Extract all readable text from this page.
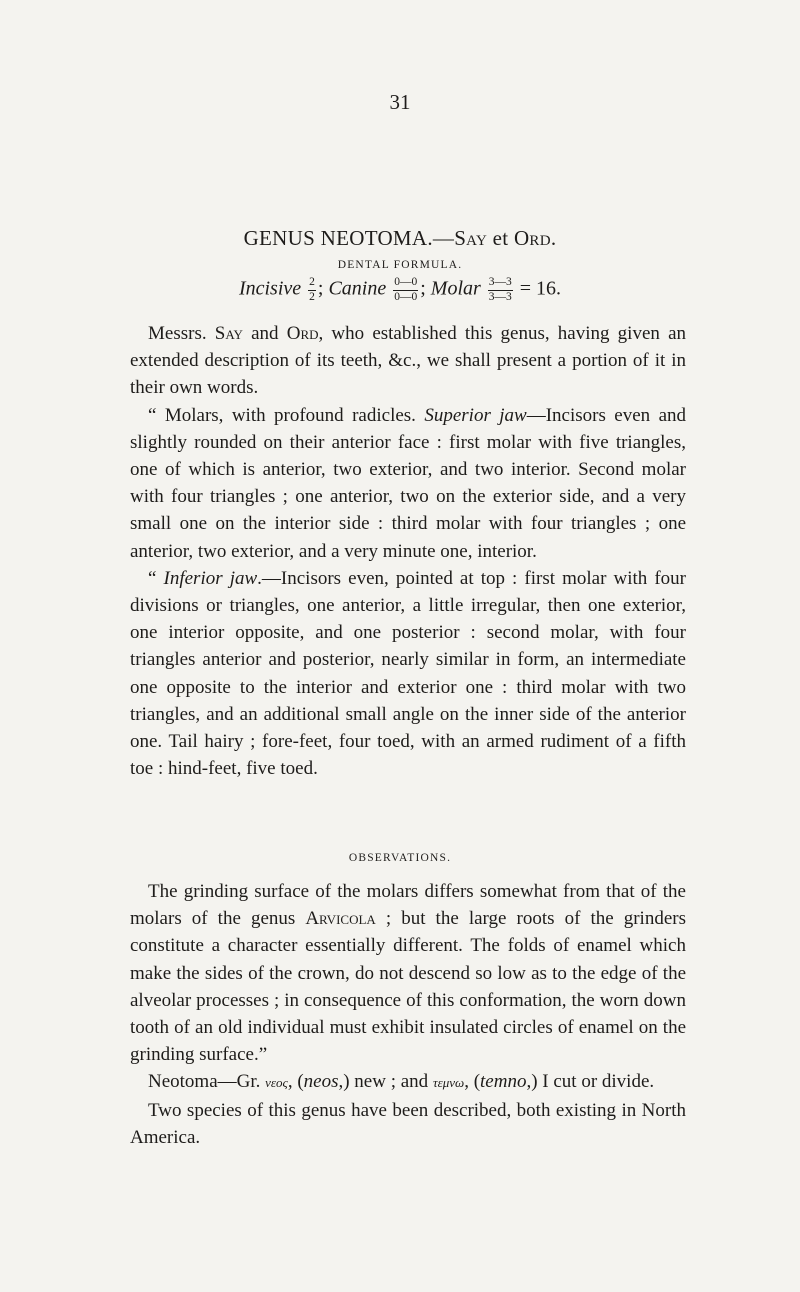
31
GENUS NEOTOMA.—Say et Ord.
DENTAL FORMULA.
Incisive $\frac{2}{2}$ ; Canine $\frac{0—0}{0—0}$ ; Molar $\frac{3—3}{3—3} = 16$.

Messrs. Say and Ord, who established this genus, having given an extended description of its teeth, &c., we shall present a portion of it in their own words.

“ Molars, with profound radicles. Superior jaw—Incisors even and slightly rounded on their anterior face : first molar with five triangles, one of which is anterior, two exterior, and two interior. Second molar with four triangles ; one anterior, two on the exterior side, and a very small one on the interior side : third molar with four triangles ; one anterior, two exterior, and a very minute one, interior.

“ Inferior jaw.—Incisors even, pointed at top : first molar with four divisions or triangles, one anterior, a little irregular, then one exterior, one interior opposite, and one posterior : second molar, with four triangles anterior and posterior, nearly similar in form, an intermediate one opposite to the interior and exterior one : third molar with two triangles, and an additional small angle on the inner side of the anterior one. Tail hairy ; fore-feet, four toed, with an armed rudiment of a fifth toe : hind-feet, five toed.

OBSERVATIONS.

The grinding surface of the molars differs somewhat from that of the molars of the genus Arvicola ; but the large roots of the grinders constitute a character essentially different. The folds of enamel which make the sides of the crown, do not descend so low as to the edge of the alveolar processes ; in consequence of this conformation, the worn down tooth of an old individual must exhibit insulated circles of enamel on the grinding surface.”

Neotoma—Gr. νεος, (neos,) new ; and τεμνω, (temno,) I cut or divide.

Two species of this genus have been described, both existing in North America.
